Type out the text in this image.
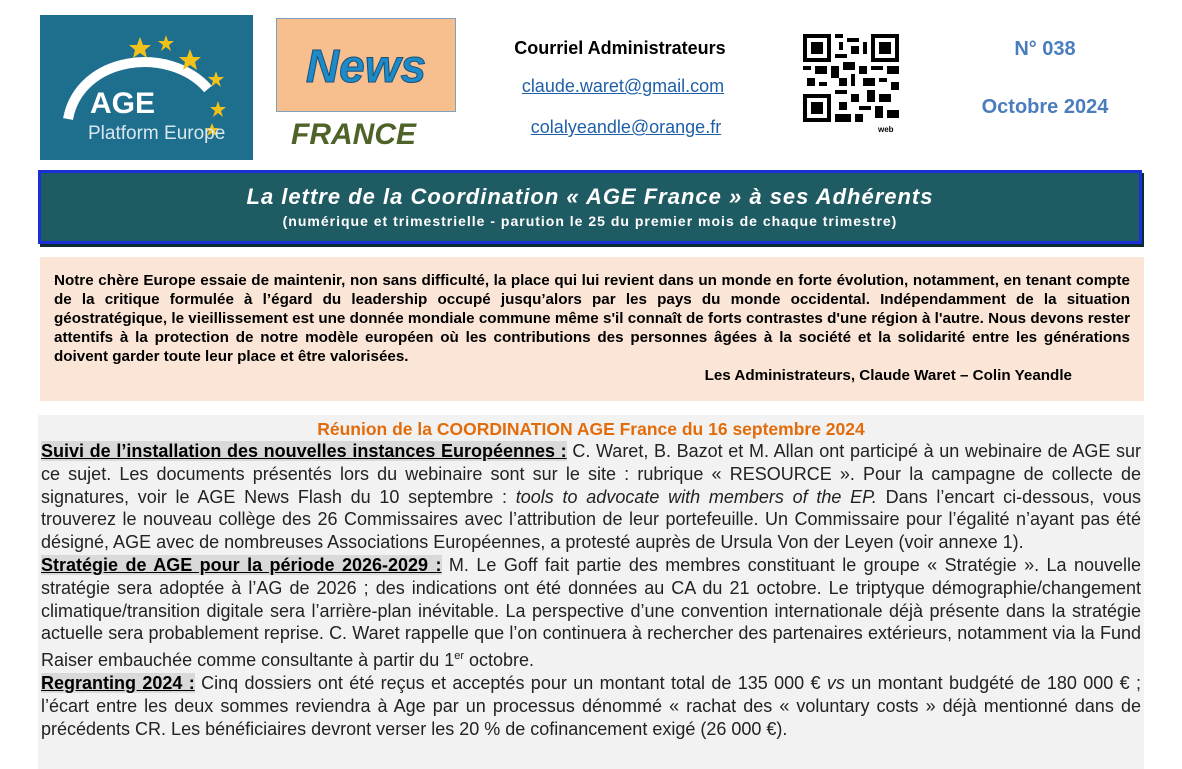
AGE
Platform Europe
News
FRANCE
Courriel Administrateurs
claude.waret@gmail.com
colalyeandle@orange.fr	web
N° 038
Octobre 2024
La lettre de la Coordination « AGE France » à ses Adhérents
(numérique et trimestrielle - parution le 25 du premier mois de chaque trimestre)

Notre chère Europe essaie de maintenir, non sans difficulté, la place qui lui revient dans un monde en forte évolution, notamment, en tenant compte de la critique formulée à l’égard du leadership occupé jusqu’alors par les pays du monde occidental. Indépendamment de la situation géostratégique, le vieillissement est une donnée mondiale commune même s'il connaît de forts contrastes d'une région à l'autre. Nous devons rester attentifs à la protection de notre modèle européen où les contributions des personnes âgées à la société et la solidarité entre les générations doivent garder toute leur place et être valorisées.

Les Administrateurs, Claude Waret – Colin Yeandle

Réunion de la COORDINATION AGE France du 16 septembre 2024

Suivi de l’installation des nouvelles instances Européennes : C. Waret, B. Bazot et M. Allan ont participé à un webinaire de AGE sur ce sujet. Les documents présentés lors du webinaire sont sur le site : rubrique « RESOURCE ». Pour la campagne de collecte de signatures, voir le AGE News Flash du 10 septembre : tools to advocate with members of the EP. Dans l’encart ci-dessous, vous trouverez le nouveau collège des 26 Commissaires avec l’attribution de leur portefeuille. Un Commissaire pour l’égalité n’ayant pas été désigné, AGE avec de nombreuses Associations Européennes, a protesté auprès de Ursula Von der Leyen (voir annexe 1).

Stratégie de AGE pour la période 2026-2029 : M. Le Goff fait partie des membres constituant le groupe « Stratégie ». La nouvelle stratégie sera adoptée à l’AG de 2026 ; des indications ont été données au CA du 21 octobre. Le triptyque démographie/changement climatique/transition digitale sera l’arrière-plan inévitable. La perspective d’une convention internationale déjà présente dans la stratégie actuelle sera probablement reprise. C. Waret rappelle que l’on continuera à rechercher des partenaires extérieurs, notamment via la Fund Raiser embauchée comme consultante à partir du 1er octobre.

Regranting 2024 : Cinq dossiers ont été reçus et acceptés pour un montant total de 135 000 € vs un montant budgété de 180 000 € ; l’écart entre les deux sommes reviendra à Age par un processus dénommé « rachat des « voluntary costs » déjà mentionné dans de précédents CR. Les bénéficiaires devront verser les 20 % de cofinancement exigé (26 000 €).
